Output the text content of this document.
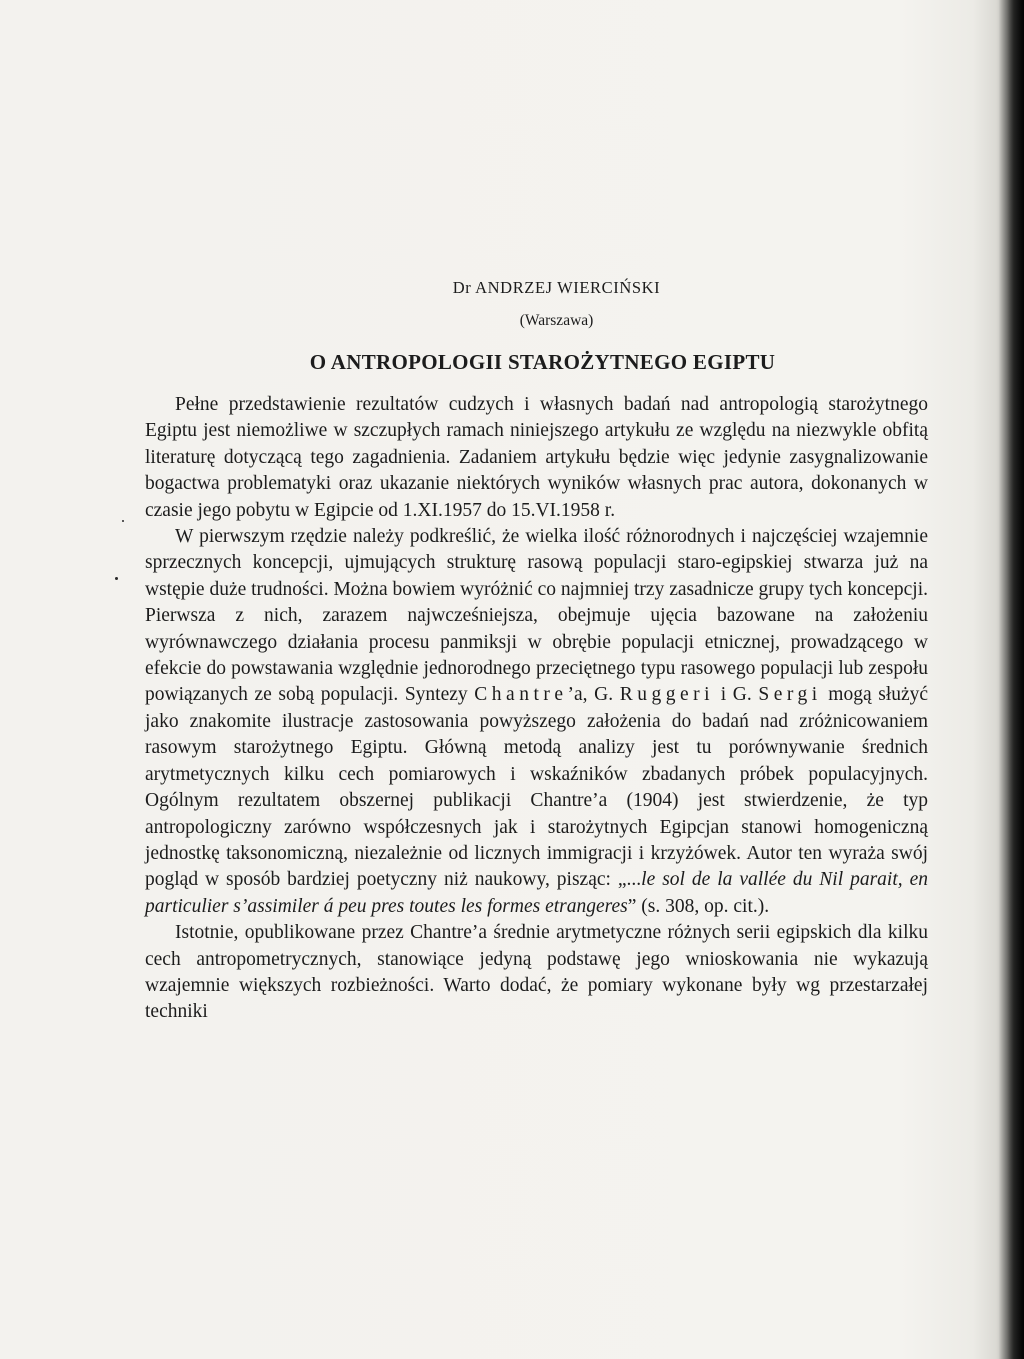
Dr ANDRZEJ WIERCIŃSKI

(Warszawa)

O ANTROPOLOGII STAROŻYTNEGO EGIPTU

Pełne przedstawienie rezultatów cudzych i własnych badań nad antropologią starożytnego Egiptu jest niemożliwe w szczupłych ramach niniejszego artykułu ze względu na niezwykle obfitą literaturę dotyczącą tego zagadnienia. Zadaniem artykułu będzie więc jedynie zasygnalizowanie bogactwa problematyki oraz ukazanie niektórych wyników własnych prac autora, dokonanych w czasie jego pobytu w Egipcie od 1.XI.1957 do 15.VI.1958 r.

W pierwszym rzędzie należy podkreślić, że wielka ilość różnorodnych i najczęściej wzajemnie sprzecznych koncepcji, ujmujących strukturę rasową populacji staro-egipskiej stwarza już na wstępie duże trudności. Można bowiem wyróżnić co najmniej trzy zasadnicze grupy tych koncepcji. Pierwsza z nich, zarazem najwcześniejsza, obejmuje ujęcia bazowane na założeniu wyrównawczego działania procesu panmiksji w obrębie populacji etnicznej, prowadzącego w efekcie do powstawania względnie jednorodnego przeciętnego typu rasowego populacji lub zespołu powiązanych ze sobą populacji. Syntezy Chantre’a, G. Ruggeri i G. Sergi mogą służyć jako znakomite ilustracje zastosowania powyższego założenia do badań nad zróżnicowaniem rasowym starożytnego Egiptu. Główną metodą analizy jest tu porównywanie średnich arytmetycznych kilku cech pomiarowych i wskaźników zbadanych próbek populacyjnych. Ogólnym rezultatem obszernej publikacji Chantre’a (1904) jest stwierdzenie, że typ antropologiczny zarówno współczesnych jak i starożytnych Egipcjan stanowi homogeniczną jednostkę taksonomiczną, niezależnie od licznych immigracji i krzyżówek. Autor ten wyraża swój pogląd w sposób bardziej poetyczny niż naukowy, pisząc: „...le sol de la vallée du Nil parait, en particulier s’assimiler á peu pres toutes les formes etrangeres” (s. 308, op. cit.).

Istotnie, opublikowane przez Chantre’a średnie arytmetyczne różnych serii egipskich dla kilku cech antropometrycznych, stanowiące jedyną podstawę jego wnioskowania nie wykazują wzajemnie większych rozbieżności. Warto dodać, że pomiary wykonane były wg przestarzałej techniki
